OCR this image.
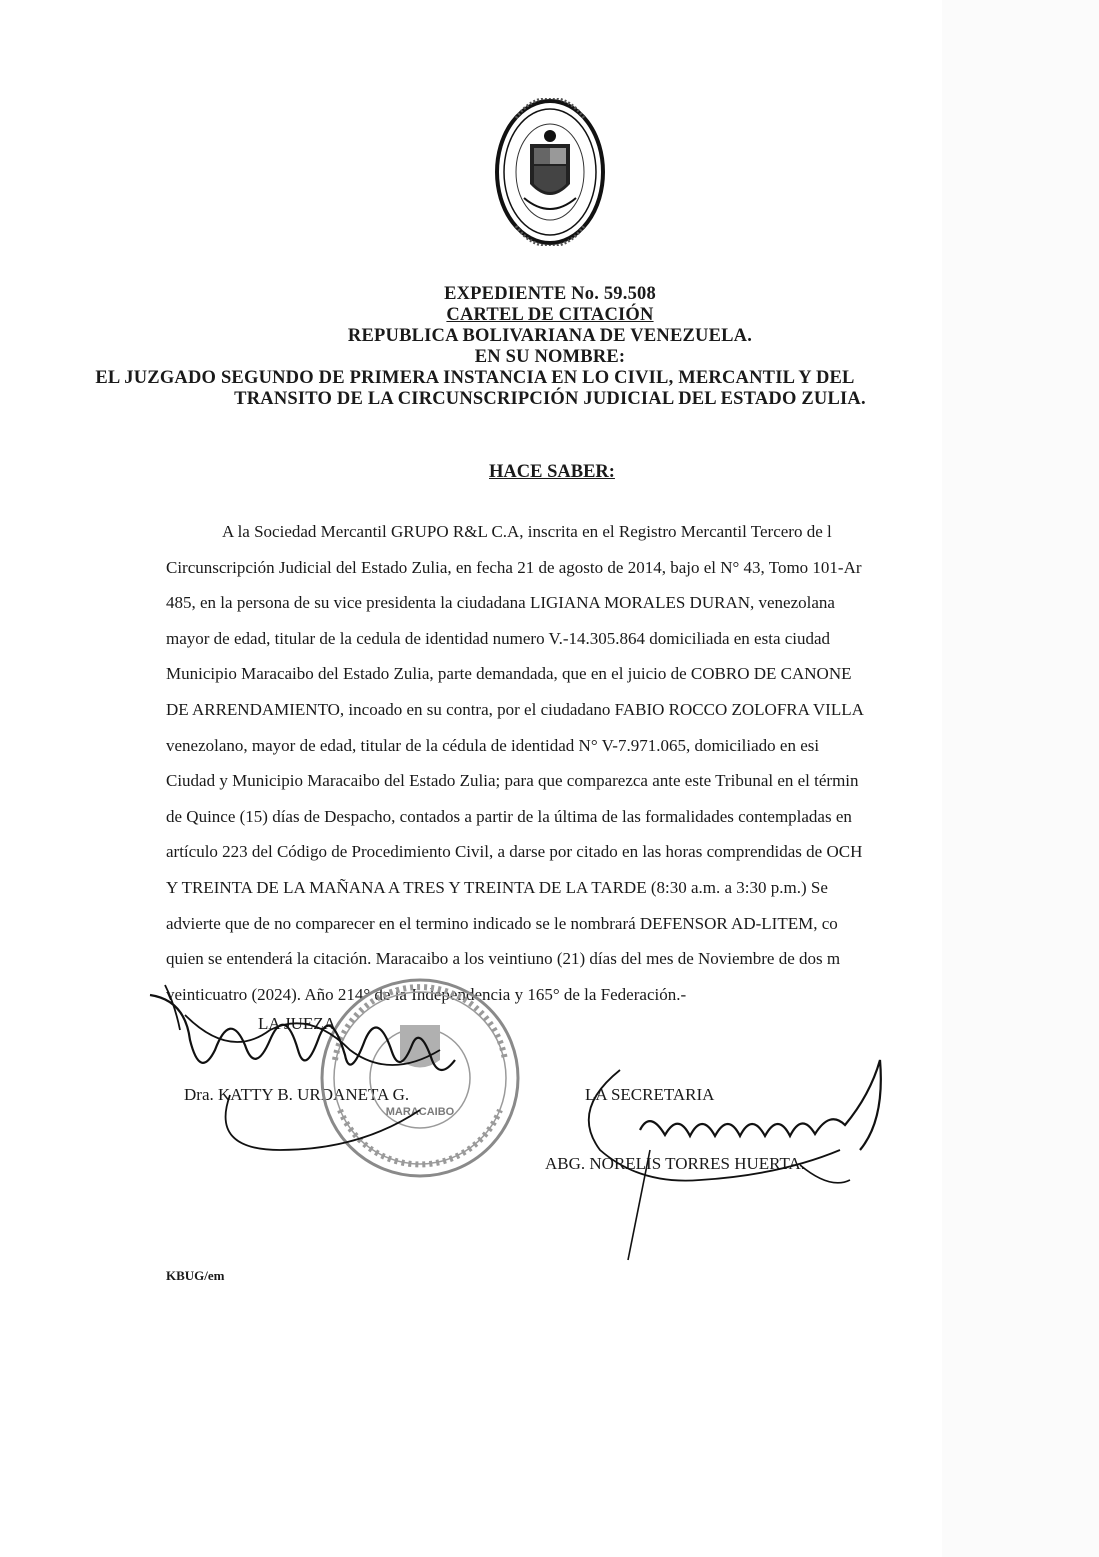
EXPEDIENTE No. 59.508
CARTEL DE CITACIÓN
REPUBLICA BOLIVARIANA DE VENEZUELA.
EN SU NOMBRE:
EL JUZGADO SEGUNDO DE PRIMERA INSTANCIA EN LO CIVIL, MERCANTIL Y DEL
TRANSITO DE LA CIRCUNSCRIPCIÓN JUDICIAL DEL ESTADO ZULIA.
HACE SABER:
A la Sociedad Mercantil GRUPO R&L C.A, inscrita en el Registro Mercantil Tercero de l
Circunscripción Judicial del Estado Zulia, en fecha 21 de agosto de 2014, bajo el N° 43, Tomo 101-Ar
485, en la persona de su vice presidenta la ciudadana LIGIANA MORALES DURAN, venezolana
mayor de edad, titular de la cedula de identidad numero V.-14.305.864 domiciliada en esta ciudad
Municipio Maracaibo del Estado Zulia, parte demandada, que en el juicio de COBRO DE CANONE
DE ARRENDAMIENTO, incoado en su contra, por el ciudadano FABIO ROCCO ZOLOFRA VILLA
venezolano, mayor de edad, titular de la cédula de identidad N° V-7.971.065, domiciliado en esi
Ciudad y Municipio Maracaibo del Estado Zulia; para que comparezca ante este Tribunal en el términ
de Quince (15) días de Despacho, contados a partir de la última de las formalidades contempladas en
artículo 223 del Código de Procedimiento Civil, a darse por citado en las horas comprendidas de OCH
Y TREINTA DE LA MAÑANA A TRES Y TREINTA DE LA TARDE (8:30 a.m. a 3:30 p.m.) Se
advierte que de no comparecer en el termino indicado se le nombrará DEFENSOR AD-LITEM, co
quien se entenderá la citación. Maracaibo a los veintiuno (21) días del mes de Noviembre de dos m
veinticuatro (2024). Año 214° de la Independencia y 165° de la Federación.-
LA JUEZA
Dra. KATTY B. URDANETA G.	LA SECRETARIA
ABG. NORELIS TORRES HUERTA.
MARACAIBO
KBUG/em
